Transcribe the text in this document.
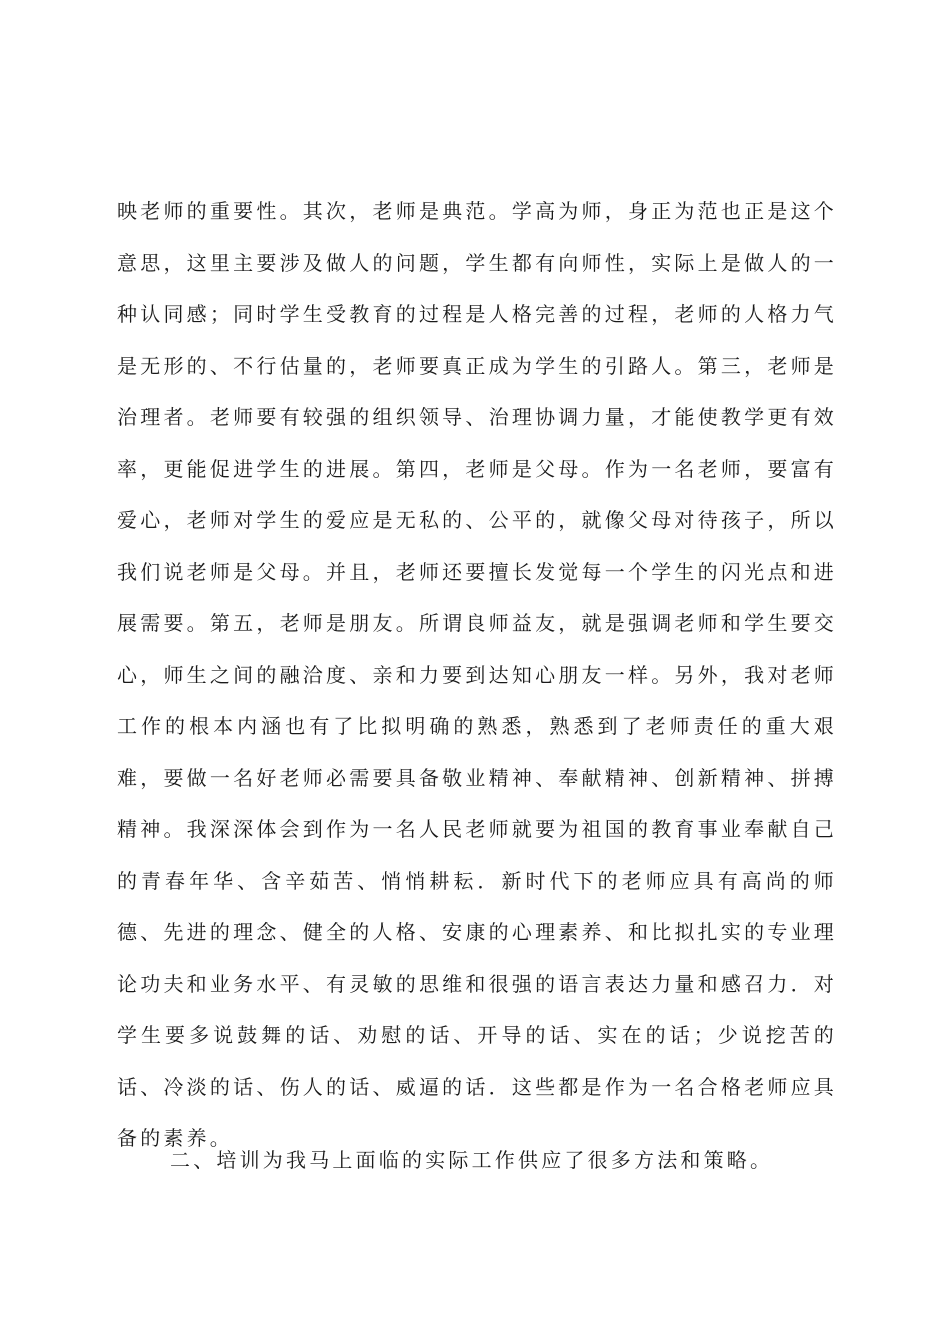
映老师的重要性。其次，老师是典范。学高为师，身正为范也正是这个
意思，这里主要涉及做人的问题，学生都有向师性，实际上是做人的一
种认同感；同时学生受教育的过程是人格完善的过程，老师的人格力气
是无形的、不行估量的，老师要真正成为学生的引路人。第三，老师是
治理者。老师要有较强的组织领导、治理协调力量，才能使教学更有效
率，更能促进学生的进展。第四，老师是父母。作为一名老师，要富有
爱心，老师对学生的爱应是无私的、公平的，就像父母对待孩子，所以
我们说老师是父母。并且，老师还要擅长发觉每一个学生的闪光点和进
展需要。第五，老师是朋友。所谓良师益友，就是强调老师和学生要交
心，师生之间的融洽度、亲和力要到达知心朋友一样。另外，我对老师
工作的根本内涵也有了比拟明确的熟悉，熟悉到了老师责任的重大艰
难，要做一名好老师必需要具备敬业精神、奉献精神、创新精神、拼搏
精神。我深深体会到作为一名人民老师就要为祖国的教育事业奉献自己
的青春年华、含辛茹苦、悄悄耕耘．新时代下的老师应具有高尚的师
德、先进的理念、健全的人格、安康的心理素养、和比拟扎实的专业理
论功夫和业务水平、有灵敏的思维和很强的语言表达力量和感召力．对
学生要多说鼓舞的话、劝慰的话、开导的话、实在的话；少说挖苦的
话、冷淡的话、伤人的话、威逼的话．这些都是作为一名合格老师应具
备的素养。
二、培训为我马上面临的实际工作供应了很多方法和策略。
